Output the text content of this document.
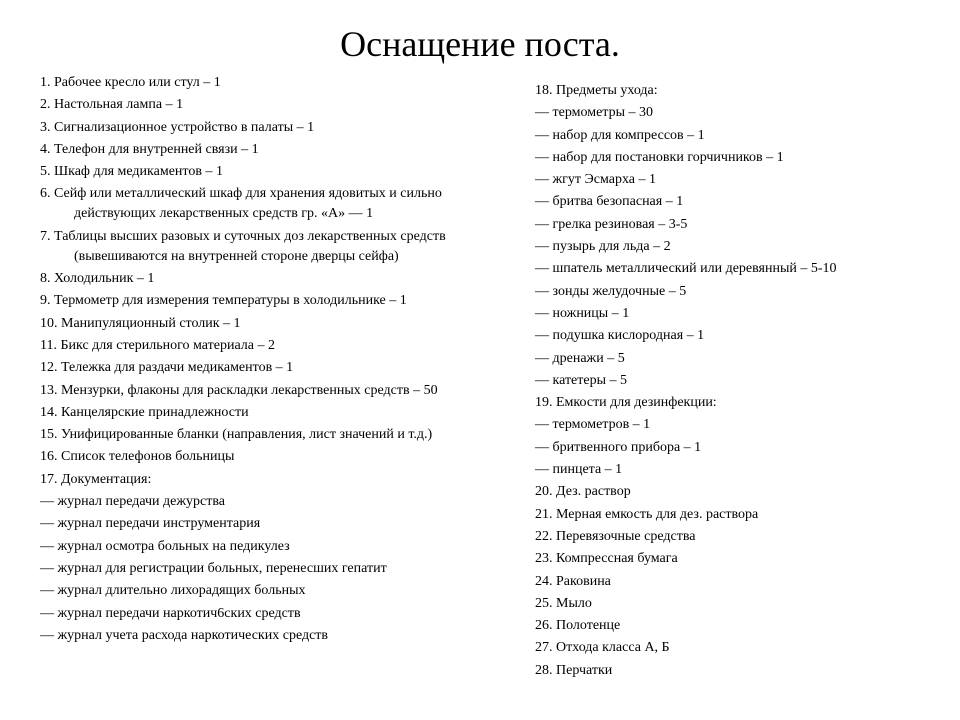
Оснащение поста.
1. Рабочее кресло или стул – 1
2. Настольная лампа – 1
3. Сигнализационное устройство в палаты – 1
4. Телефон для внутренней связи – 1
5. Шкаф для медикаментов – 1
6. Сейф или металлический шкаф для хранения ядовитых и сильно
действующих лекарственных средств гр. «А» — 1
7. Таблицы высших разовых и суточных доз лекарственных средств
(вывешиваются на внутренней стороне дверцы сейфа)
8. Холодильник – 1
9. Термометр для измерения температуры в холодильнике – 1
10. Манипуляционный столик – 1
11. Бикс для стерильного материала – 2
12. Тележка для раздачи медикаментов – 1
13. Мензурки, флаконы для раскладки лекарственных средств – 50
14. Канцелярские принадлежности
15. Унифицированные бланки (направления, лист значений и т.д.)
16. Список телефонов больницы
17. Документация:
— журнал передачи дежурства
— журнал передачи инструментария
— журнал осмотра больных на педикулез
— журнал для регистрации больных, перенесших гепатит
— журнал длительно лихорадящих больных
— журнал передачи наркотич6ских средств
— журнал учета расхода наркотических средств
18. Предметы ухода:
— термометры – 30
— набор для компрессов – 1
— набор для постановки горчичников – 1
— жгут Эсмарха – 1
— бритва безопасная – 1
— грелка резиновая – 3-5
— пузырь для льда – 2
— шпатель металлический или деревянный – 5-10
— зонды желудочные – 5
— ножницы – 1
— подушка кислородная – 1
— дренажи – 5
— катетеры – 5
19. Емкости для дезинфекции:
— термометров – 1
— бритвенного прибора – 1
— пинцета – 1
20. Дез. раствор
21. Мерная емкость для дез. раствора
22. Перевязочные средства
23. Компрессная бумага
24. Раковина
25. Мыло
26. Полотенце
27. Отхода класса А, Б
28. Перчатки
